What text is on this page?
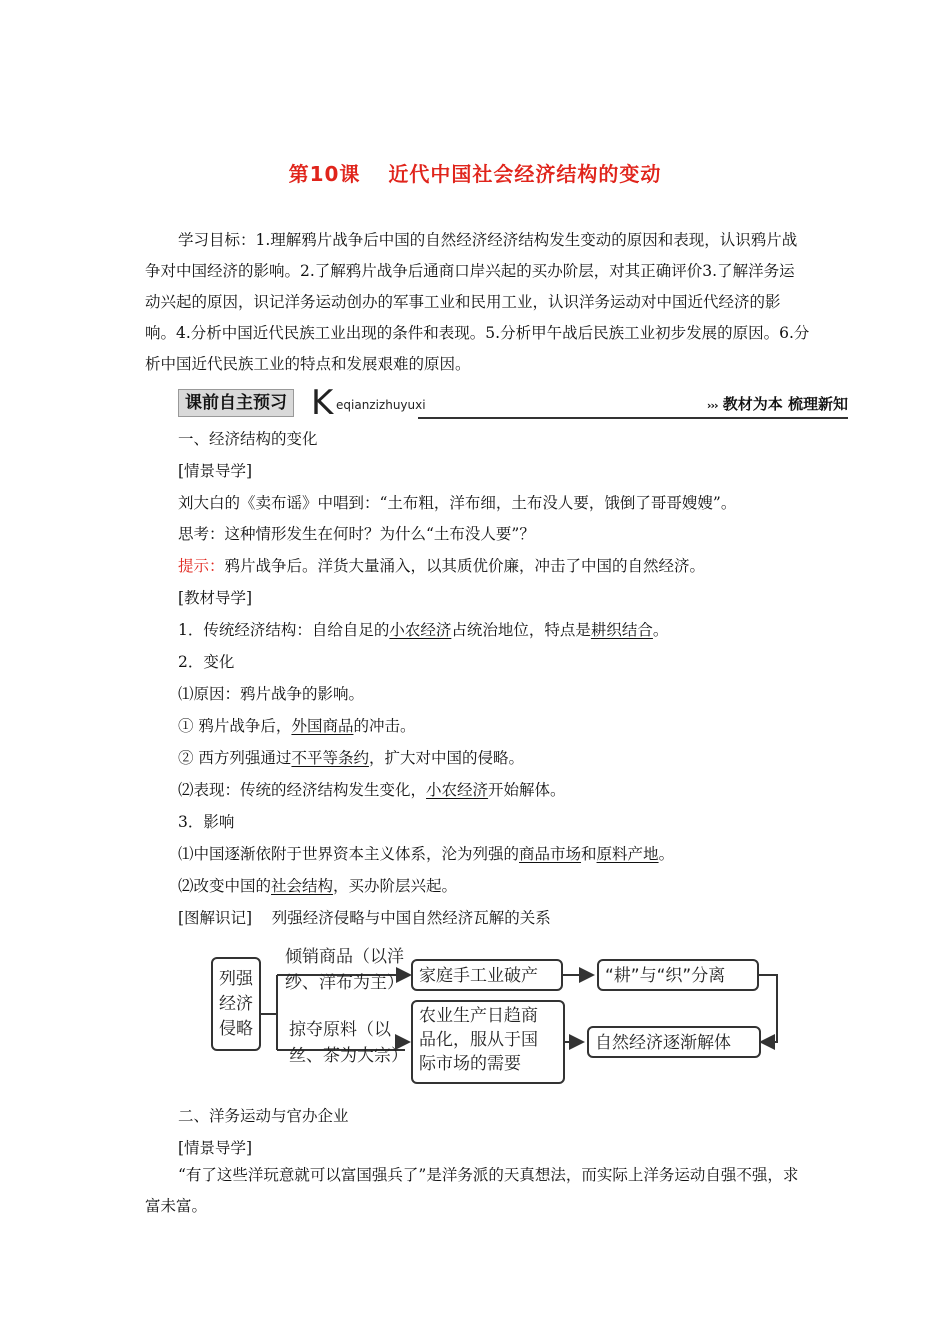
第10课 近代中国社会经济结构的变动
学习目标：1.理解鸦片战争后中国的自然经济经济结构发生变动的原因和表现，认识鸦片战争对中国经济的影响。2.了解鸦片战争后通商口岸兴起的买办阶层，对其正确评价3.了解洋务运动兴起的原因，识记洋务运动创办的军事工业和民用工业，认识洋务运动对中国近代经济的影响。4.分析中国近代民族工业出现的条件和表现。5.分析甲午战后民族工业初步发展的原因。6.分析中国近代民族工业的特点和发展艰难的原因。
课前自主预习 K eqianzizhuyuxi	››› 教材为本 梳理新知
一、经济结构的变化
[情景导学]
刘大白的《卖布谣》中唱到：“土布粗，洋布细，土布没人要，饿倒了哥哥嫂嫂”。
思考：这种情形发生在何时？为什么“土布没人要”？
提示：鸦片战争后。洋货大量涌入，以其质优价廉，冲击了中国的自然经济。
[教材导学]
1．传统经济结构：自给自足的小农经济占统治地位，特点是耕织结合。
2．变化
⑴原因：鸦片战争的影响。
① 鸦片战争后，外国商品的冲击。
② 西方列强通过不平等条约，扩大对中国的侵略。
⑵表现：传统的经济结构发生变化，小农经济开始解体。
3．影响
⑴中国逐渐依附于世界资本主义体系，沦为列强的商品市场和原料产地。
⑵改变中国的社会结构，买办阶层兴起。
[图解识记]    列强经济侵略与中国自然经济瓦解的关系
列强
经济
侵略
倾销商品（以洋
纱、洋布为主）
掠夺原料（以
丝、茶为大宗）
家庭手工业破产	“耕”与“织”分离
农业生产日趋商
品化，服从于国
际市场的需要
自然经济逐渐解体
二、洋务运动与官办企业
[情景导学]
“有了这些洋玩意就可以富国强兵了”是洋务派的天真想法，而实际上洋务运动自强不强，求富未富。
